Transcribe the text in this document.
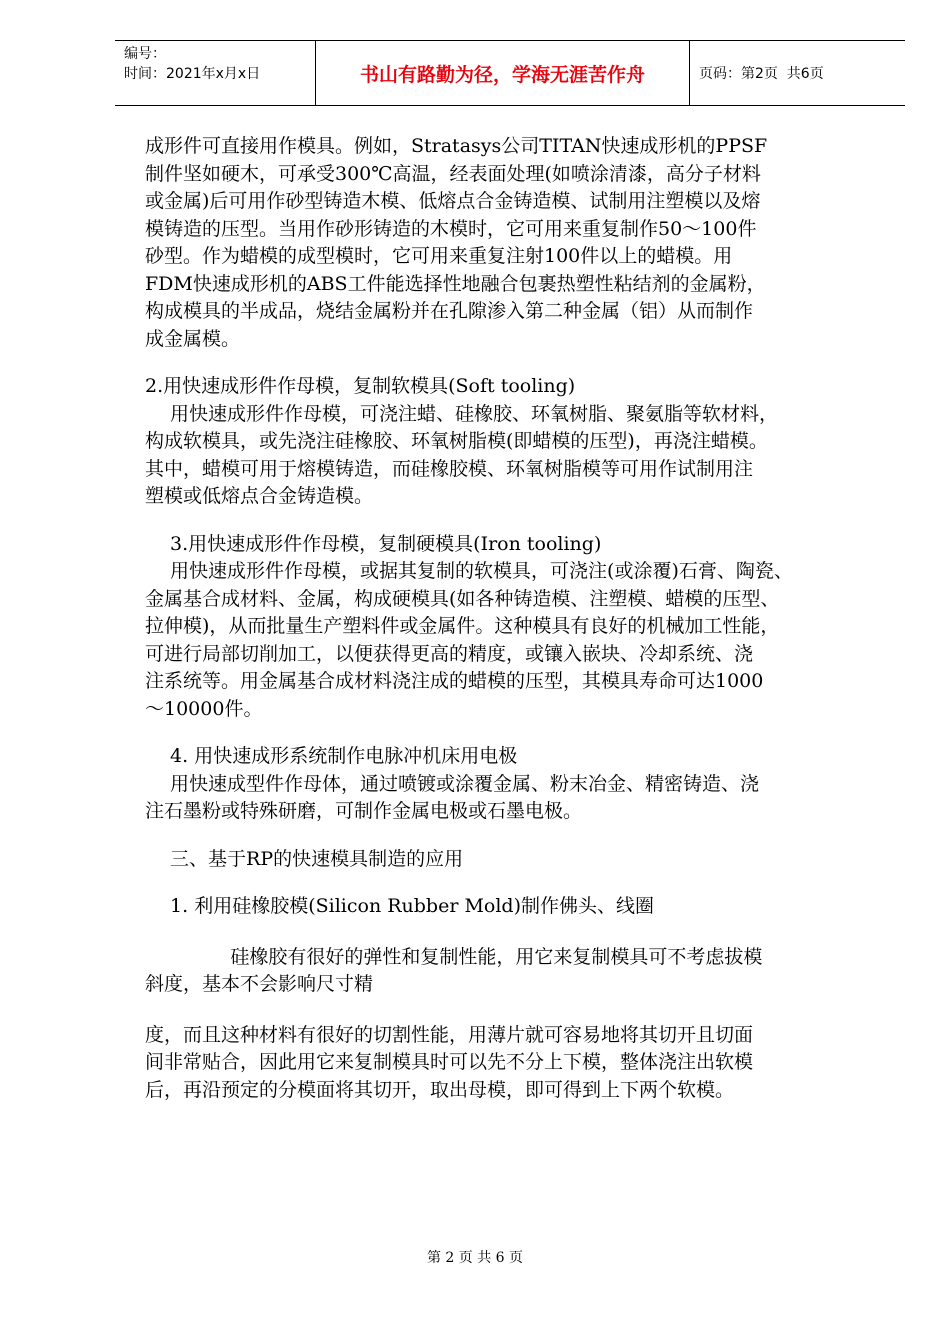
编号：
时间：2021年x月x日	书山有路勤为径，学海无涯苦作舟	页码：第2页  共6页
成形件可直接用作模具。例如，Stratasys公司TITAN快速成形机的PPSF
制件坚如硬木，可承受300℃高温，经表面处理(如喷涂清漆，高分子材料
或金属)后可用作砂型铸造木模、低熔点合金铸造模、试制用注塑模以及熔
模铸造的压型。当用作砂形铸造的木模时，它可用来重复制作50～100件
砂型。作为蜡模的成型模时，它可用来重复注射100件以上的蜡模。用
FDM快速成形机的ABS工件能选择性地融合包裹热塑性粘结剂的金属粉，
构成模具的半成品，烧结金属粉并在孔隙渗入第二种金属（铝）从而制作
成金属模。
2.用快速成形件作母模，复制软模具(Soft tooling)
　 用快速成形件作母模，可浇注蜡、硅橡胶、环氧树脂、聚氨脂等软材料，
构成软模具，或先浇注硅橡胶、环氧树脂模(即蜡模的压型)，再浇注蜡模。
其中，蜡模可用于熔模铸造，而硅橡胶模、环氧树脂模等可用作试制用注
塑模或低熔点合金铸造模。
　 3.用快速成形件作母模，复制硬模具(Iron tooling)
　 用快速成形件作母模，或据其复制的软模具，可浇注(或涂覆)石膏、陶瓷、
金属基合成材料、金属，构成硬模具(如各种铸造模、注塑模、蜡模的压型、
拉伸模)，从而批量生产塑料件或金属件。这种模具有良好的机械加工性能，
可进行局部切削加工，以便获得更高的精度，或镶入嵌块、冷却系统、浇
注系统等。用金属基合成材料浇注成的蜡模的压型，其模具寿命可达1000
～10000件。
　 4. 用快速成形系统制作电脉冲机床用电极
　 用快速成型件作母体，通过喷镀或涂覆金属、粉末冶金、精密铸造、浇
注石墨粉或特殊研磨，可制作金属电极或石墨电极。
　 三、基于RP的快速模具制造的应用
　 1. 利用硅橡胶模(Silicon Rubber Mold)制作佛头、线圈
　           硅橡胶有很好的弹性和复制性能，用它来复制模具可不考虑拔模
斜度，基本不会影响尺寸精
度，而且这种材料有很好的切割性能，用薄片就可容易地将其切开且切面
间非常贴合，因此用它来复制模具时可以先不分上下模，整体浇注出软模
后，再沿预定的分模面将其切开，取出母模，即可得到上下两个软模。
第 2 页 共 6 页
